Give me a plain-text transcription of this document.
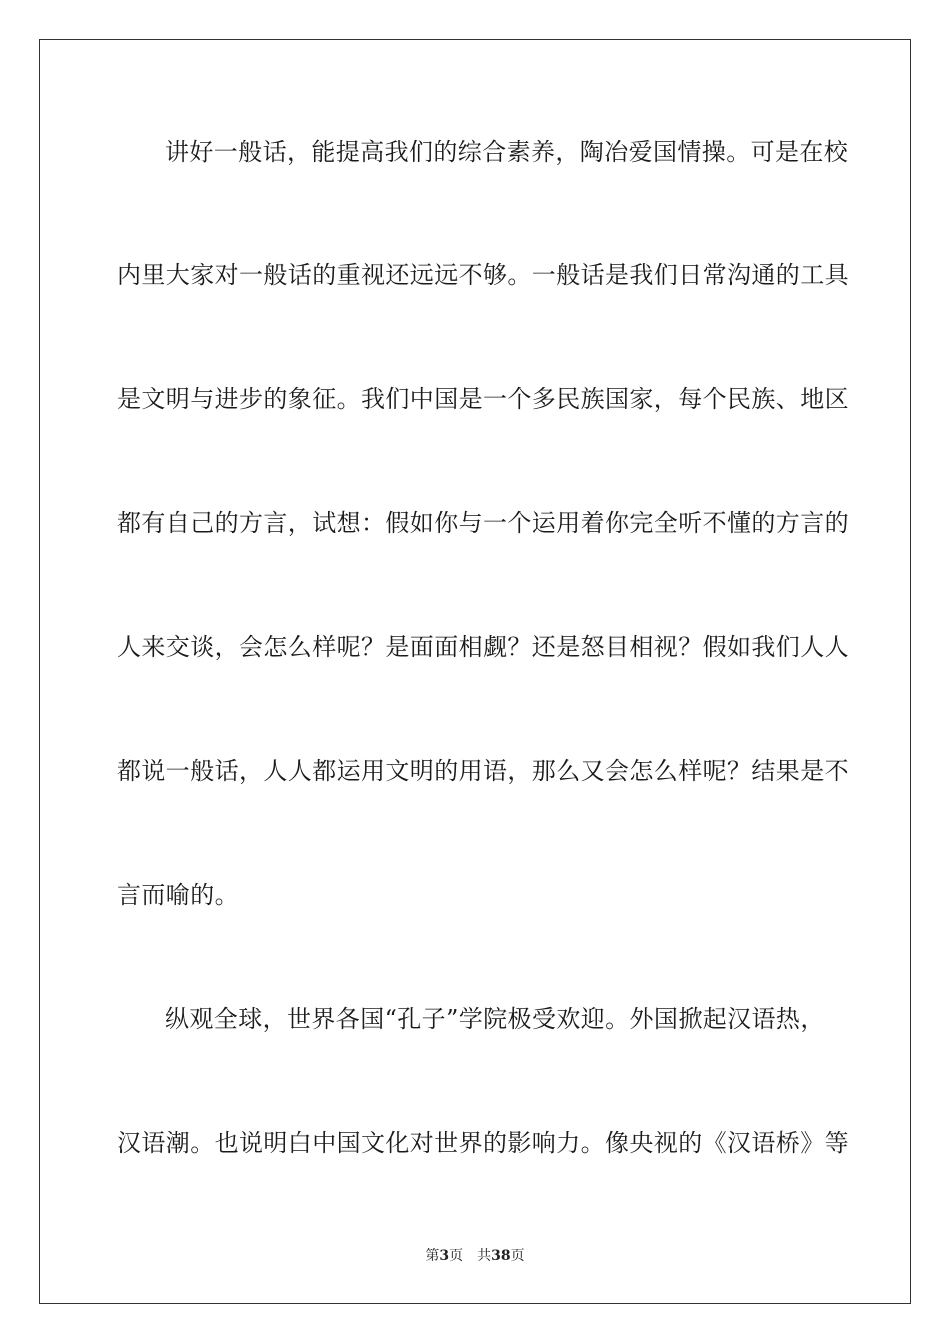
讲好一般话，能提高我们的综合素养，陶冶爱国情操。可是在校
内里大家对一般话的重视还远远不够。一般话是我们日常沟通的工具
是文明与进步的象征。我们中国是一个多民族国家，每个民族、地区
都有自己的方言，试想：假如你与一个运用着你完全听不懂的方言的
人来交谈，会怎么样呢？是面面相觑？还是怒目相视？假如我们人人
都说一般话，人人都运用文明的用语，那么又会怎么样呢？结果是不
言而喻的。
纵观全球，世界各国“孔子”学院极受欢迎。外国掀起汉语热，
汉语潮。也说明白中国文化对世界的影响力。像央视的《汉语桥》等
第3页 共38页
